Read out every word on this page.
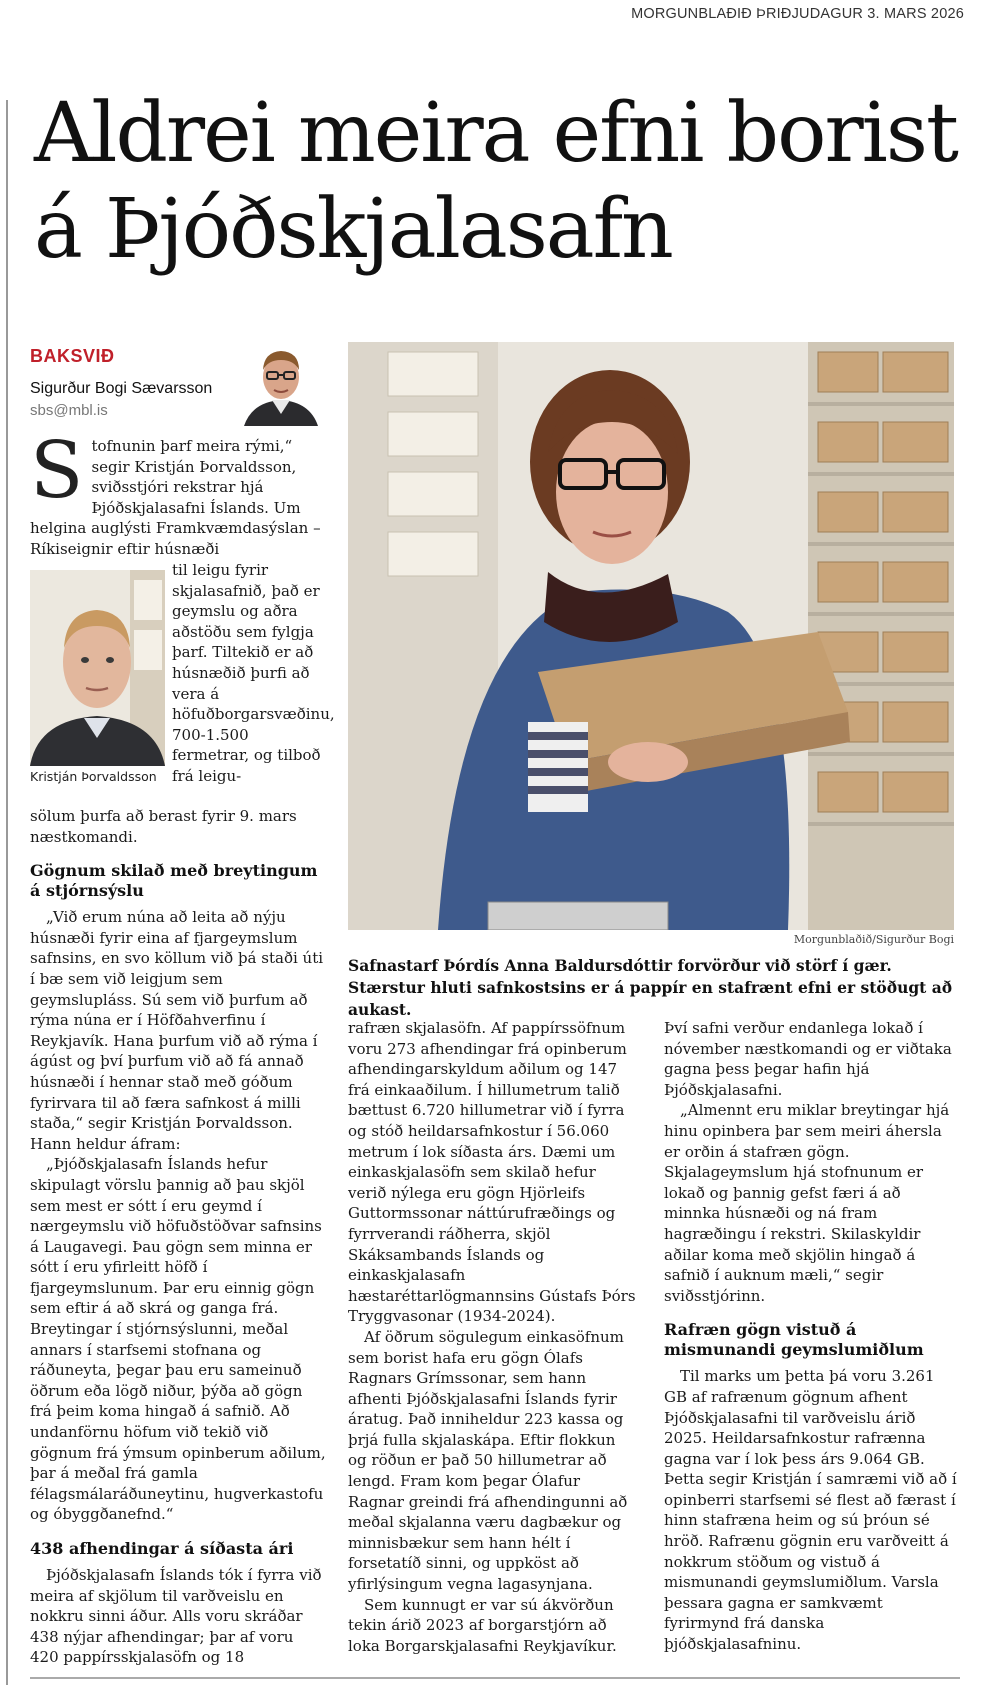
MORGUNBLAÐIÐ ÞRIÐJUDAGUR 3. MARS 2026
Aldrei meira efni borist á Þjóðskjalasafn
BAKSVIÐ
Sigurður Bogi Sævarsson
sbs@mbl.is
Kristján Þorvaldsson

S tofnunin þarf meira rými,“ segir Kristján Þorvaldsson, sviðsstjóri rekstrar hjá Þjóðskjalasafni Íslands. Um helgina auglýsti Framkvæmdasýslan – Ríkiseignir eftir húsnæði

til leigu fyrir skjalasafnið, það er geymslu og aðra aðstöðu sem fylgja þarf. Tiltekið er að húsnæðið þurfi að vera á höfuðborgarsvæðinu, 700-1.500 fermetrar, og tilboð frá leigu-

sölum þurfa að berast fyrir 9. mars næstkomandi.

Gögnum skilað með breytingum á stjórnsýslu

„Við erum núna að leita að nýju húsnæði fyrir eina af fjargeymslum safnsins, en svo köllum við þá staði úti í bæ sem við leigjum sem geymslupláss. Sú sem við þurfum að rýma núna er í Höfðahverfinu í Reykjavík. Hana þurfum við að rýma í ágúst og því þurfum við að fá annað húsnæði í hennar stað með góðum fyrirvara til að færa safnkost á milli staða,“ segir Kristján Þorvaldsson. Hann heldur áfram:

„Þjóðskjalasafn Íslands hefur skipulagt vörslu þannig að þau skjöl sem mest er sótt í eru geymd í nærgeymslu við höfuðstöðvar safnsins á Laugavegi. Þau gögn sem minna er sótt í eru yfirleitt höfð í fjargeymslunum. Þar eru einnig gögn sem eftir á að skrá og ganga frá. Breytingar í stjórnsýslunni, meðal annars í starfsemi stofnana og ráðuneyta, þegar þau eru sameinuð öðrum eða lögð niður, þýða að gögn frá þeim koma hingað á safnið. Að undanförnu höfum við tekið við gögnum frá ýmsum opinberum aðilum, þar á meðal frá gamla félagsmálaráðuneytinu, hugverkastofu og óbyggðanefnd.“

438 afhendingar á síðasta ári

Þjóðskjalasafn Íslands tók í fyrra við meira af skjölum til varðveislu en nokkru sinni áður. Alls voru skráðar 438 nýjar afhendingar; þar af voru 420 pappírsskjalasöfn og 18

Morgunblaðið/Sigurður Bogi
Safnastarf Þórdís Anna Baldursdóttir forvörður við störf í gær. Stærstur hluti safnkostsins er á pappír en stafrænt efni er stöðugt að aukast.

rafræn skjalasöfn. Af pappírssöfnum voru 273 afhendingar frá opinberum afhendingarskyldum aðilum og 147 frá einkaaðilum. Í hillumetrum talið bættust 6.720 hillumetrar við í fyrra og stóð heildarsafnkostur í 56.060 metrum í lok síðasta árs. Dæmi um einkaskjalasöfn sem skilað hefur verið nýlega eru gögn Hjörleifs Guttormssonar náttúrufræðings og fyrrverandi ráðherra, skjöl Skáksambands Íslands og einkaskjalasafn hæstaréttarlögmannsins Gústafs Þórs Tryggvasonar (1934-2024).

Af öðrum sögulegum einkasöfnum sem borist hafa eru gögn Ólafs Ragnars Grímssonar, sem hann afhenti Þjóðskjalasafni Íslands fyrir áratug. Það inniheldur 223 kassa og þrjá fulla skjalaskápa. Eftir flokkun og röðun er það 50 hillumetrar að lengd. Fram kom þegar Ólafur Ragnar greindi frá afhendingunni að meðal skjalanna væru dagbækur og minnisbækur sem hann hélt í forsetatíð sinni, og uppköst að yfirlýsingum vegna lagasynjana.

Sem kunnugt er var sú ákvörðun tekin árið 2023 af borgarstjórn að loka Borgarskjalasafni Reykjavíkur.

Því safni verður endanlega lokað í nóvember næstkomandi og er viðtaka gagna þess þegar hafin hjá Þjóðskjalasafni.

„Almennt eru miklar breytingar hjá hinu opinbera þar sem meiri áhersla er orðin á stafræn gögn. Skjalageymslum hjá stofnunum er lokað og þannig gefst færi á að minnka húsnæði og ná fram hagræðingu í rekstri. Skilaskyldir aðilar koma með skjölin hingað á safnið í auknum mæli,“ segir sviðsstjórinn.

Rafræn gögn vistuð á mismunandi geymslumiðlum

Til marks um þetta þá voru 3.261 GB af rafrænum gögnum afhent Þjóðskjalasafni til varðveislu árið 2025. Heildarsafnkostur rafrænna gagna var í lok þess árs 9.064 GB. Þetta segir Kristján í samræmi við að í opinberri starfsemi sé flest að færast í hinn stafræna heim og sú þróun sé hröð. Rafrænu gögnin eru varðveitt á nokkrum stöðum og vistuð á mismunandi geymslumiðlum. Varsla þessara gagna er samkvæmt fyrirmynd frá danska þjóðskjalasafninu.
